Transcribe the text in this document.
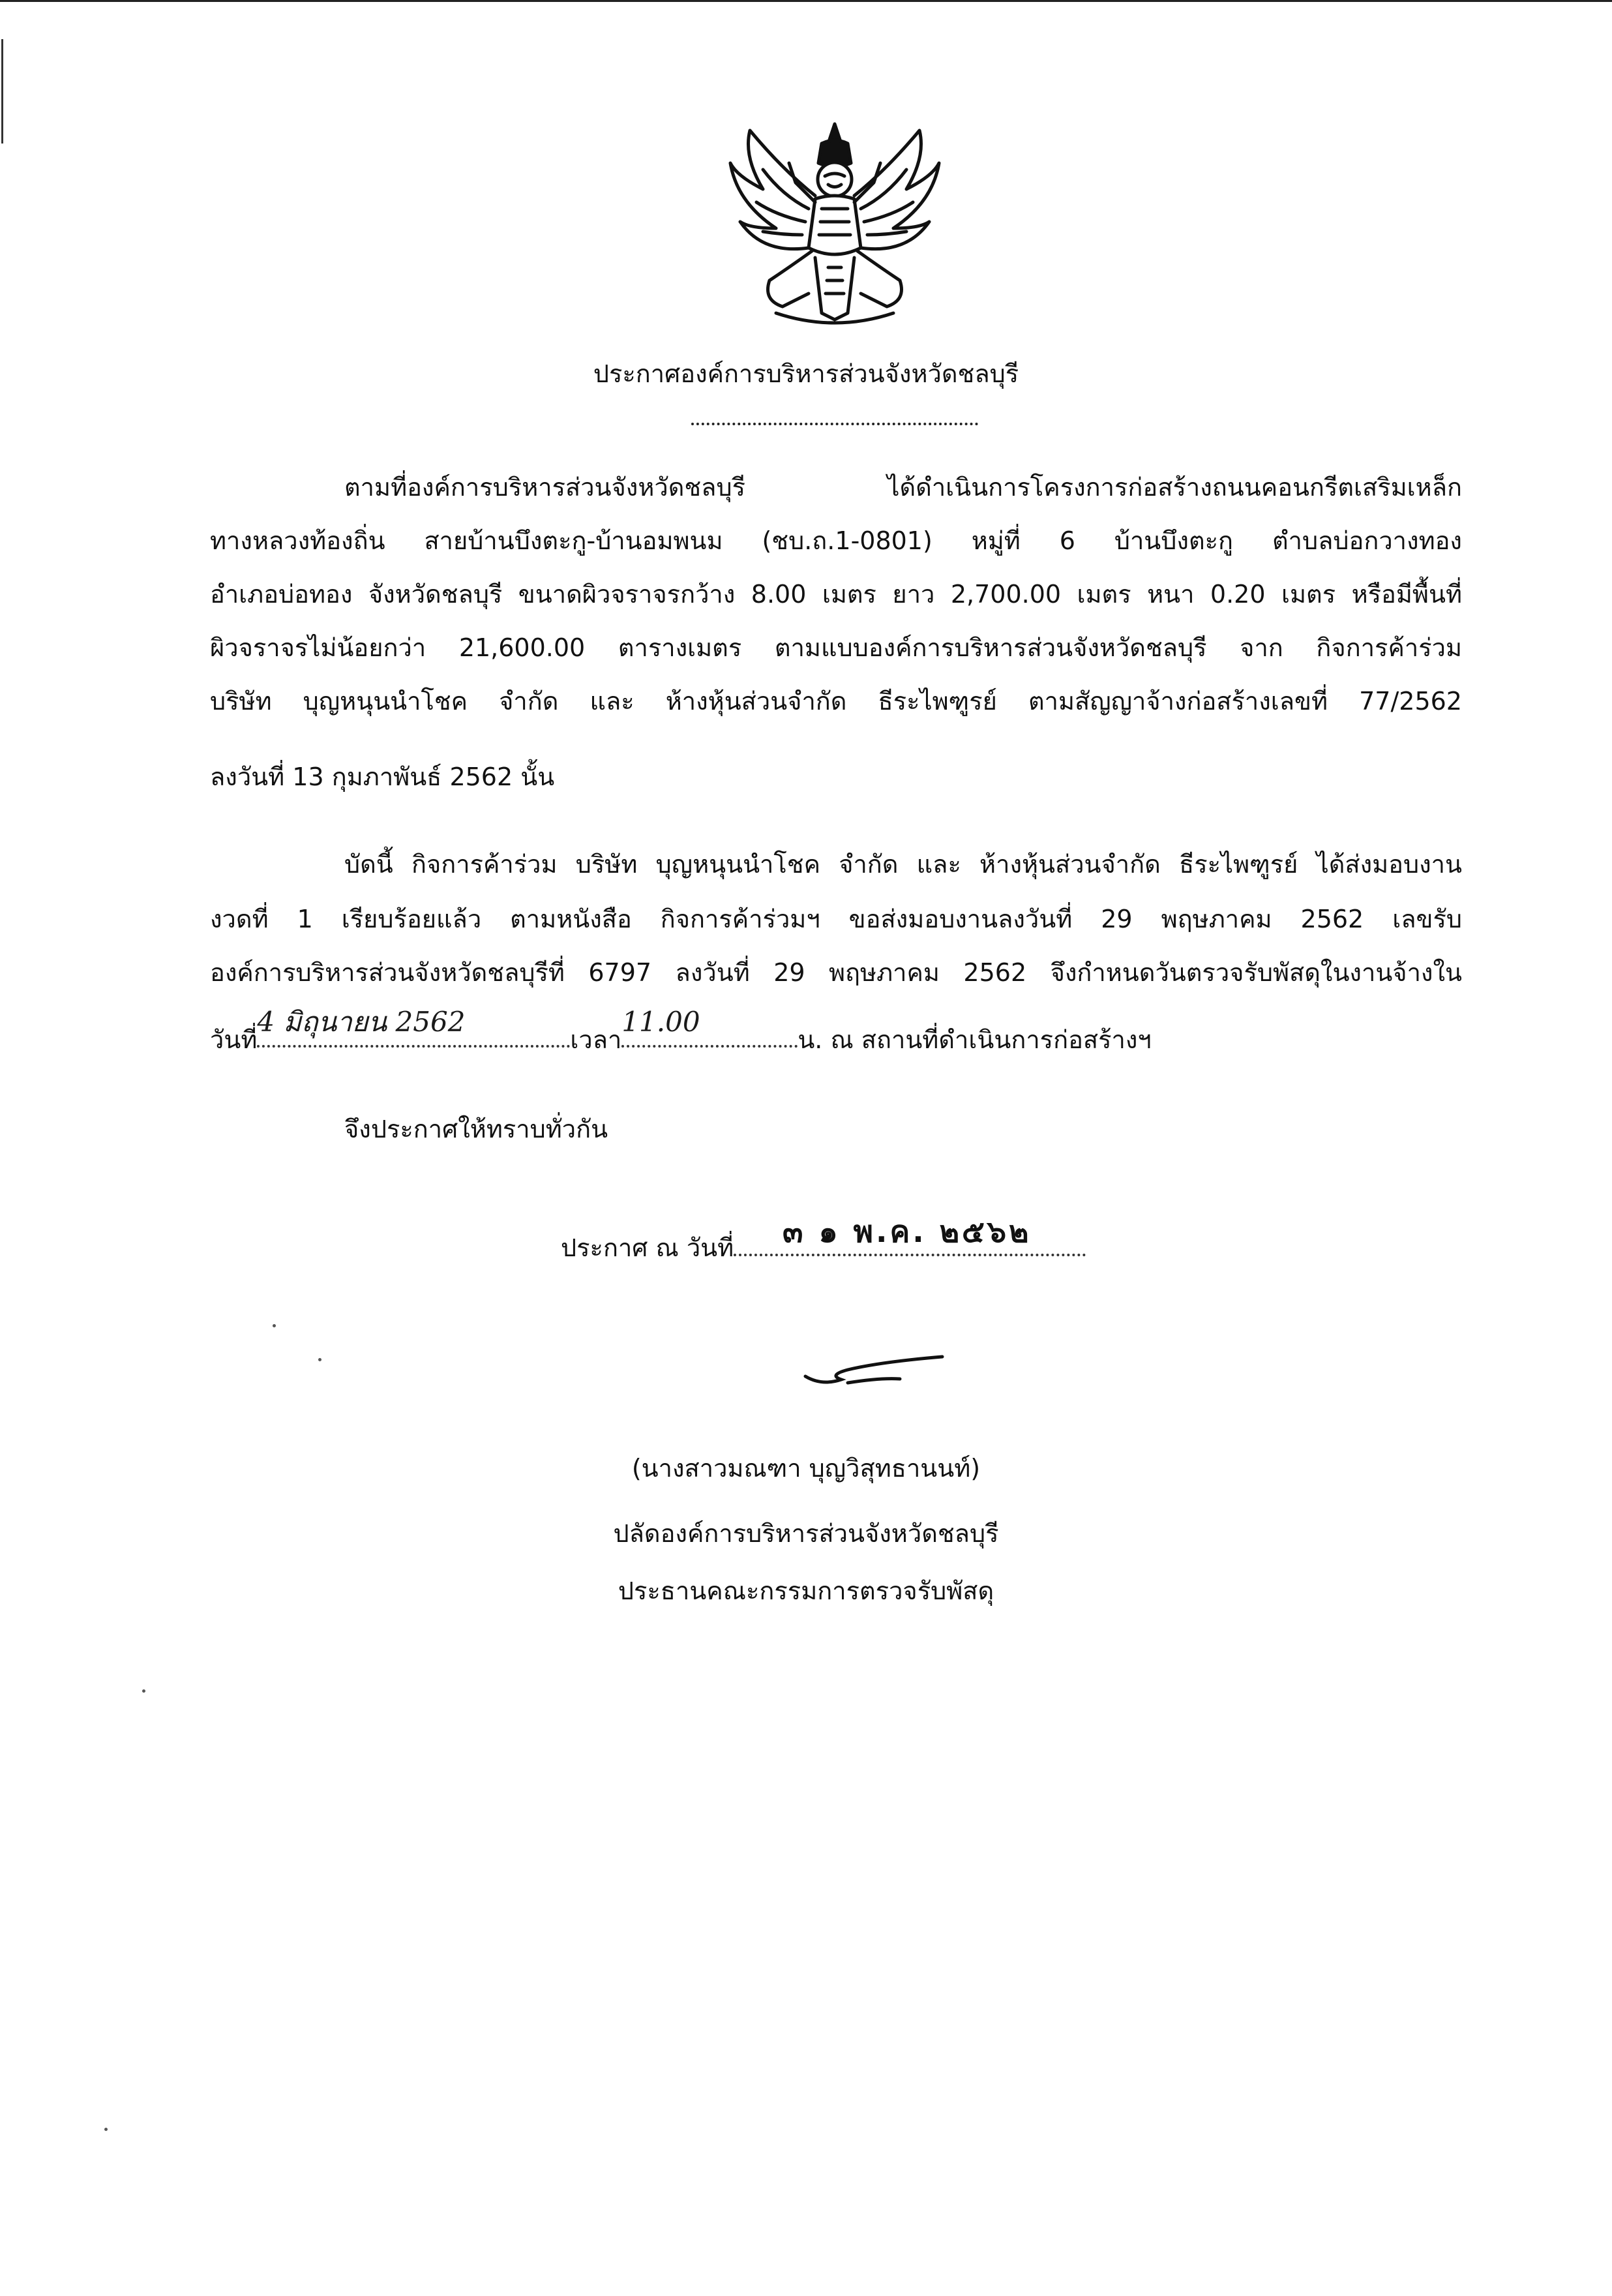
ประกาศองค์การบริหารส่วนจังหวัดชลบุรี
ตามที่องค์การบริหารส่วนจังหวัดชลบุรี ได้ดำเนินการโครงการก่อสร้างถนนคอนกรีตเสริมเหล็ก
ทางหลวงท้องถิ่น สายบ้านบึงตะกู-บ้านอมพนม (ชบ.ถ.1-0801) หมู่ที่ 6 บ้านบึงตะกู ตำบลบ่อกวางทอง
อำเภอบ่อทอง จังหวัดชลบุรี ขนาดผิวจราจรกว้าง 8.00 เมตร ยาว 2,700.00 เมตร หนา 0.20 เมตร หรือมีพื้นที่
ผิวจราจรไม่น้อยกว่า 21,600.00 ตารางเมตร ตามแบบองค์การบริหารส่วนจังหวัดชลบุรี จาก กิจการค้าร่วม
บริษัท บุญหนุนนำโชค จำกัด และ ห้างหุ้นส่วนจำกัด ธีระไพฑูรย์ ตามสัญญาจ้างก่อสร้างเลขที่ 77/2562
ลงวันที่ 13 กุมภาพันธ์ 2562 นั้น
บัดนี้ กิจการค้าร่วม บริษัท บุญหนุนนำโชค จำกัด และ ห้างหุ้นส่วนจำกัด ธีระไพฑูรย์ ได้ส่งมอบงาน
งวดที่ 1 เรียบร้อยแล้ว ตามหนังสือ กิจการค้าร่วมฯ ขอส่งมอบงานลงวันที่ 29 พฤษภาคม 2562 เลขรับ
องค์การบริหารส่วนจังหวัดชลบุรีที่ 6797 ลงวันที่ 29 พฤษภาคม 2562 จึงกำหนดวันตรวจรับพัสดุในงานจ้างใน
วันที่4 มิถุนายน 2562เวลา11.00น. ณ สถานที่ดำเนินการก่อสร้างฯ
จึงประกาศให้ทราบทั่วกัน
ประกาศ ณ วันที่	๓ ๑ พ.ค. ๒๕๖๒
(นางสาวมณฑา บุญวิสุทธานนท์)
ปลัดองค์การบริหารส่วนจังหวัดชลบุรี
ประธานคณะกรรมการตรวจรับพัสดุ
